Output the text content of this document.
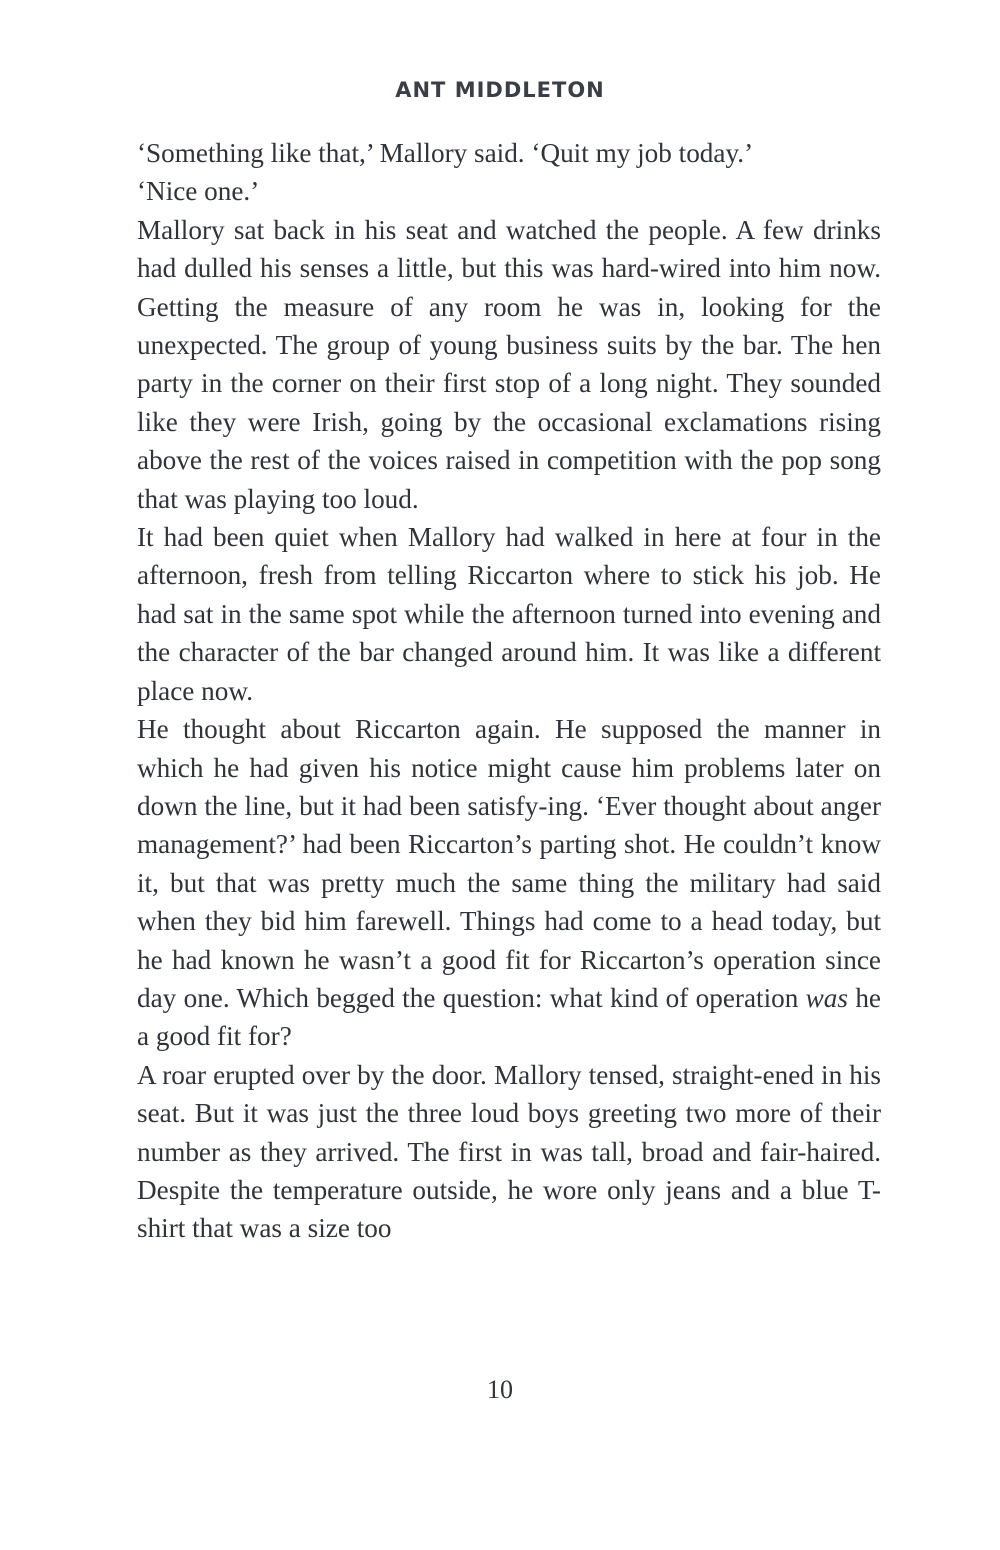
ANT MIDDLETON

‘Something like that,’ Mallory said. ‘Quit my job today.’

‘Nice one.’

Mallory sat back in his seat and watched the people. A few drinks had dulled his senses a little, but this was hard-wired into him now. Getting the measure of any room he was in, looking for the unexpected. The group of young business suits by the bar. The hen party in the corner on their first stop of a long night. They sounded like they were Irish, going by the occasional exclamations rising above the rest of the voices raised in competition with the pop song that was playing too loud.

It had been quiet when Mallory had walked in here at four in the afternoon, fresh from telling Riccarton where to stick his job. He had sat in the same spot while the afternoon turned into evening and the character of the bar changed around him. It was like a different place now.

He thought about Riccarton again. He supposed the manner in which he had given his notice might cause him problems later on down the line, but it had been satisfy-ing. ‘Ever thought about anger management?’ had been Riccarton’s parting shot. He couldn’t know it, but that was pretty much the same thing the military had said when they bid him farewell. Things had come to a head today, but he had known he wasn’t a good fit for Riccarton’s operation since day one. Which begged the question: what kind of operation was he a good fit for?

A roar erupted over by the door. Mallory tensed, straight-ened in his seat. But it was just the three loud boys greeting two more of their number as they arrived. The first in was tall, broad and fair-haired. Despite the temperature outside, he wore only jeans and a blue T-shirt that was a size too

10
